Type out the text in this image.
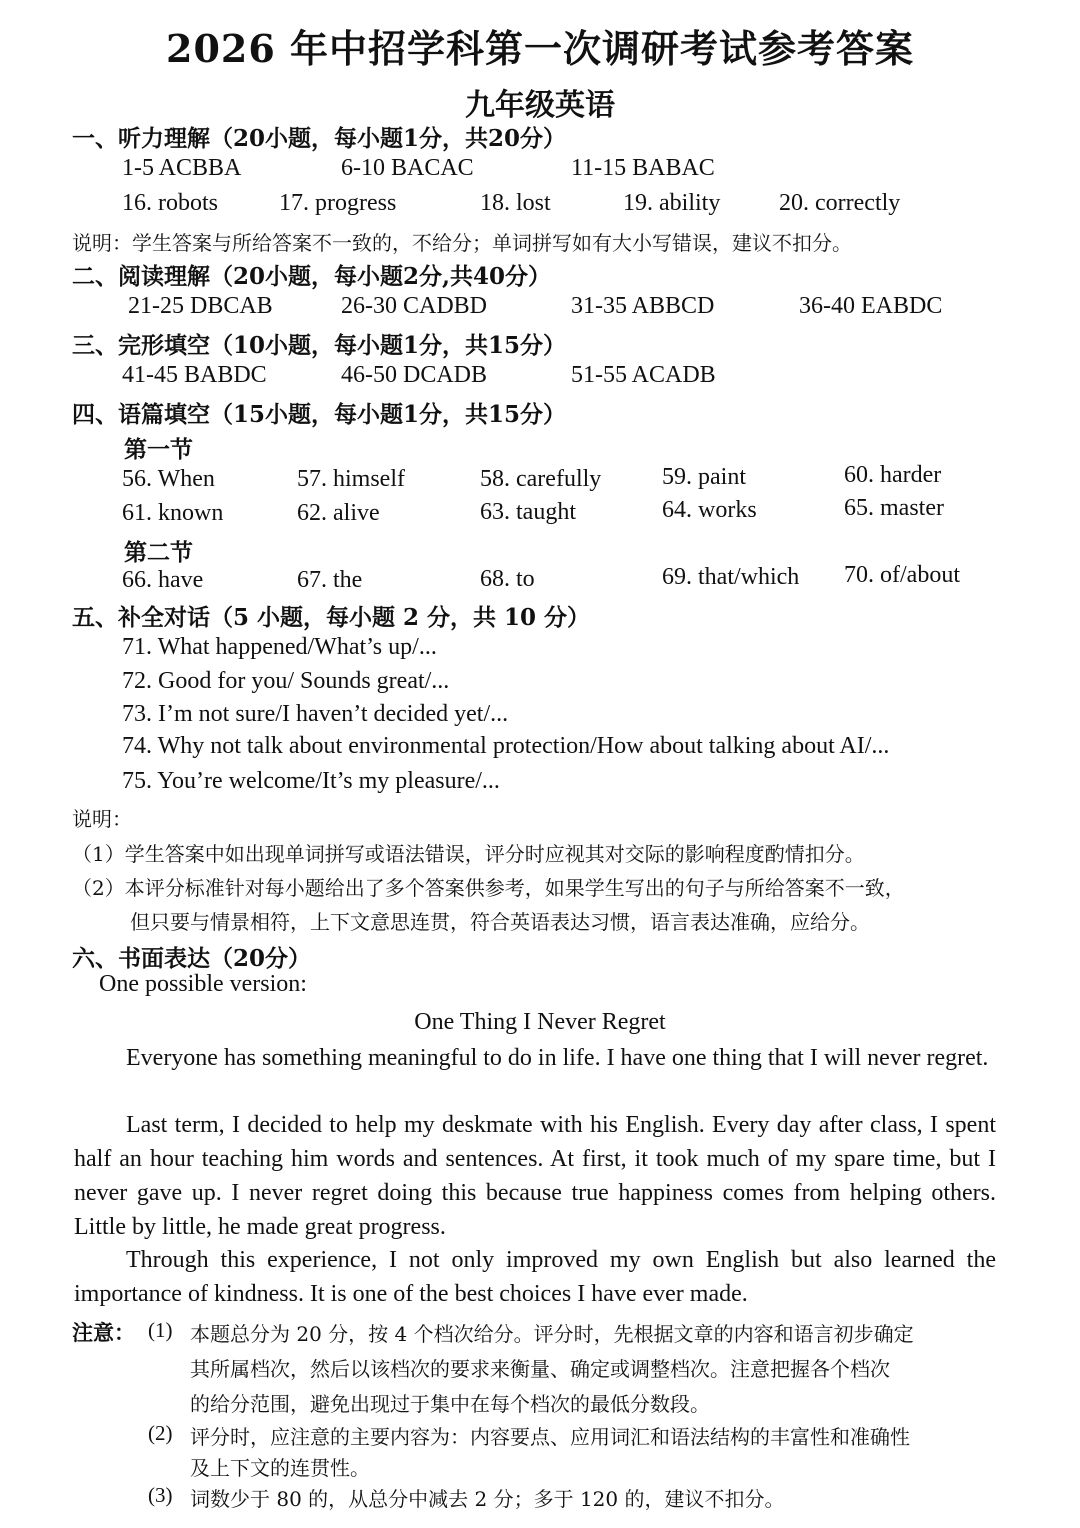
2026 年中招学科第一次调研考试参考答案
九年级英语
一、听力理解（20小题，每小题1分，共20分）
1-5 ACBBA	6-10 BACAC	11-15 BABAC
16. robots	17. progress	18. lost	19. ability 20. correctly
说明：学生答案与所给答案不一致的，不给分；单词拼写如有大小写错误，建议不扣分。
二、阅读理解（20小题，每小题2分,共40分）
21-25 DBCAB	26-30 CADBD	31-35 ABBCD	36-40 EABDC
三、完形填空（10小题，每小题1分，共15分）
41-45 BABDC	46-50 DCADB	51-55 ACADB
四、语篇填空（15小题，每小题1分，共15分）
第一节
56. When	57. himself	58. carefully	59. paint	60. harder
61. known	62. alive	63. taught	64. works	65. master
第二节
66. have	67. the	68. to	69. that/which 70. of/about
五、补全对话（5 小题，每小题 2 分，共 10 分）
71. What happened/What’s up/...
72. Good for you/ Sounds great/...
73. I’m not sure/I haven’t decided yet/...
74. Why not talk about environmental protection/How about talking about AI/...
75. You’re welcome/It’s my pleasure/...
说明：
（1）学生答案中如出现单词拼写或语法错误，评分时应视其对交际的影响程度酌情扣分。
（2）本评分标准针对每小题给出了多个答案供参考，如果学生写出的句子与所给答案不一致，
但只要与情景相符，上下文意思连贯，符合英语表达习惯，语言表达准确，应给分。
六、书面表达（20分）
One possible version:
One Thing I Never Regret
Everyone has something meaningful to do in life. I have one thing that I will never regret.
Last term, I decided to help my deskmate with his English. Every day after class, I spent half an hour teaching him words and sentences. At first, it took much of my spare time, but I never gave up. I never regret doing this because true happiness comes from helping others. Little by little, he made great progress.
Through this experience, I not only improved my own English but also learned the importance of kindness. It is one of the best choices I have ever made.
注意： (1) 本题总分为 20 分，按 4 个档次给分。评分时，先根据文章的内容和语言初步确定
其所属档次，然后以该档次的要求来衡量、确定或调整档次。注意把握各个档次
的给分范围，避免出现过于集中在每个档次的最低分数段。
(2) 评分时，应注意的主要内容为：内容要点、应用词汇和语法结构的丰富性和准确性
及上下文的连贯性。
(3) 词数少于 80 的，从总分中减去 2 分；多于 120 的，建议不扣分。
